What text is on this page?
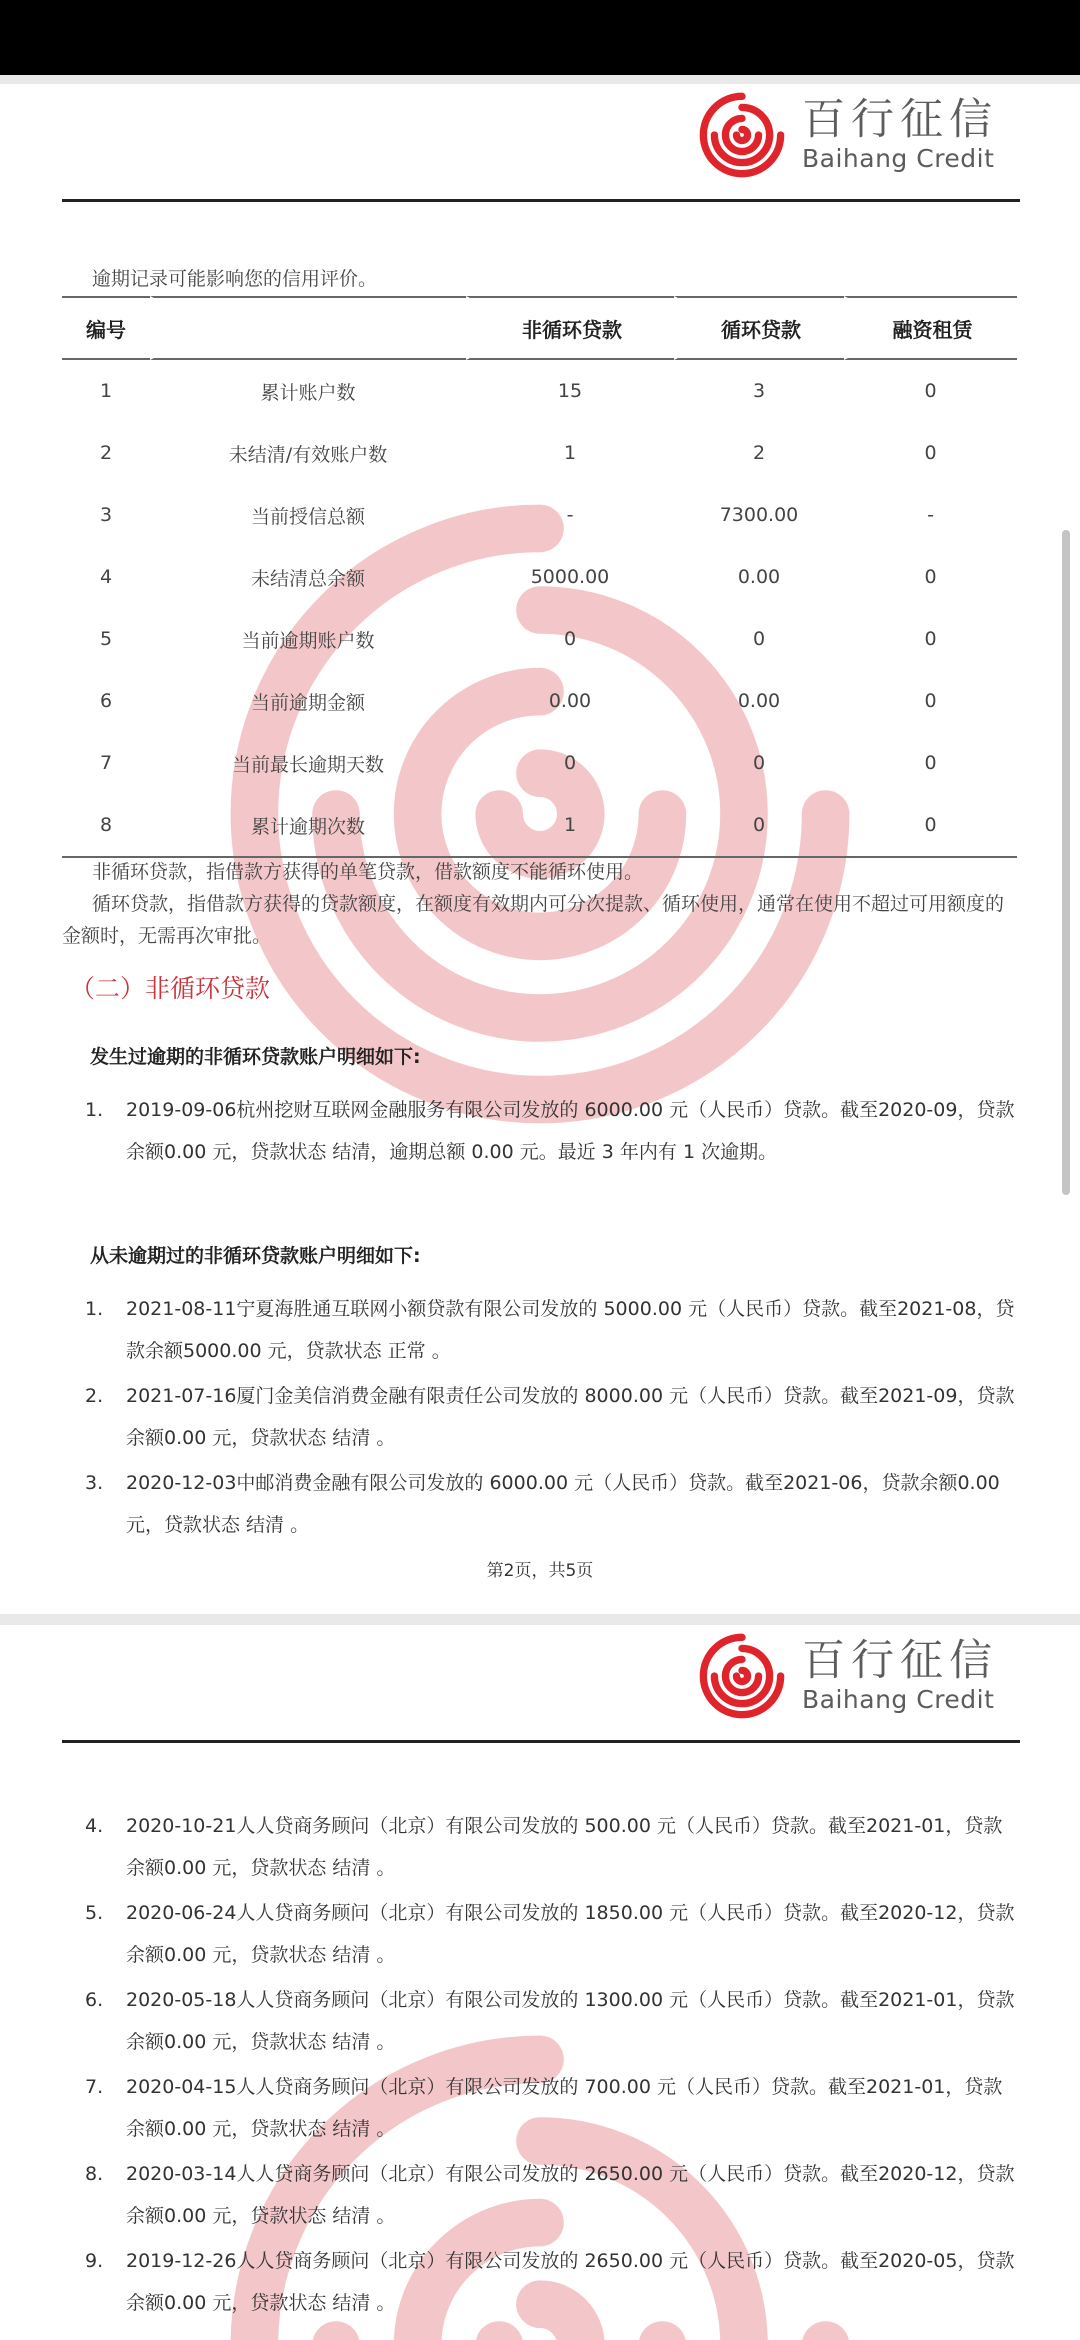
百行征信
Baihang Credit
逾期记录可能影响您的信用评价。
编号		非循环贷款	循环贷款	融资租赁
1	累计账户数	15	3	0
2	未结清/有效账户数	1	2	0
3	当前授信总额	-	7300.00	-
4	未结清总余额	5000.00	0.00	0
5	当前逾期账户数	0	0	0
6	当前逾期金额	0.00	0.00	0
7	当前最长逾期天数	0	0	0
8	累计逾期次数	1	0	0
非循环贷款，指借款方获得的单笔贷款，借款额度不能循环使用。
循环贷款，指借款方获得的贷款额度，在额度有效期内可分次提款、循环使用，通常在使用不超过可用额度的金额时，无需再次审批。
（二）非循环贷款
发生过逾期的非循环贷款账户明细如下:
1.	2019-09-06杭州挖财互联网金融服务有限公司发放的 6000.00 元（人民币）贷款。截至2020-09，贷款余额0.00 元，贷款状态 结清，逾期总额 0.00 元。最近 3 年内有 1 次逾期。
从未逾期过的非循环贷款账户明细如下:
1.	2021-08-11宁夏海胜通互联网小额贷款有限公司发放的 5000.00 元（人民币）贷款。截至2021-08，贷款余额5000.00 元，贷款状态 正常 。
2.	2021-07-16厦门金美信消费金融有限责任公司发放的 8000.00 元（人民币）贷款。截至2021-09，贷款余额0.00 元，贷款状态 结清 。
3.	2020-12-03中邮消费金融有限公司发放的 6000.00 元（人民币）贷款。截至2021-06，贷款余额0.00 元，贷款状态 结清 。
第2页，共5页
百行征信
Baihang Credit
4.	2020-10-21人人贷商务顾问（北京）有限公司发放的 500.00 元（人民币）贷款。截至2021-01，贷款余额0.00 元，贷款状态 结清 。
5.	2020-06-24人人贷商务顾问（北京）有限公司发放的 1850.00 元（人民币）贷款。截至2020-12，贷款余额0.00 元，贷款状态 结清 。
6.	2020-05-18人人贷商务顾问（北京）有限公司发放的 1300.00 元（人民币）贷款。截至2021-01，贷款余额0.00 元，贷款状态 结清 。
7.	2020-04-15人人贷商务顾问（北京）有限公司发放的 700.00 元（人民币）贷款。截至2021-01，贷款余额0.00 元，贷款状态 结清 。
8.	2020-03-14人人贷商务顾问（北京）有限公司发放的 2650.00 元（人民币）贷款。截至2020-12，贷款余额0.00 元，贷款状态 结清 。
9.	2019-12-26人人贷商务顾问（北京）有限公司发放的 2650.00 元（人民币）贷款。截至2020-05，贷款余额0.00 元，贷款状态 结清 。
